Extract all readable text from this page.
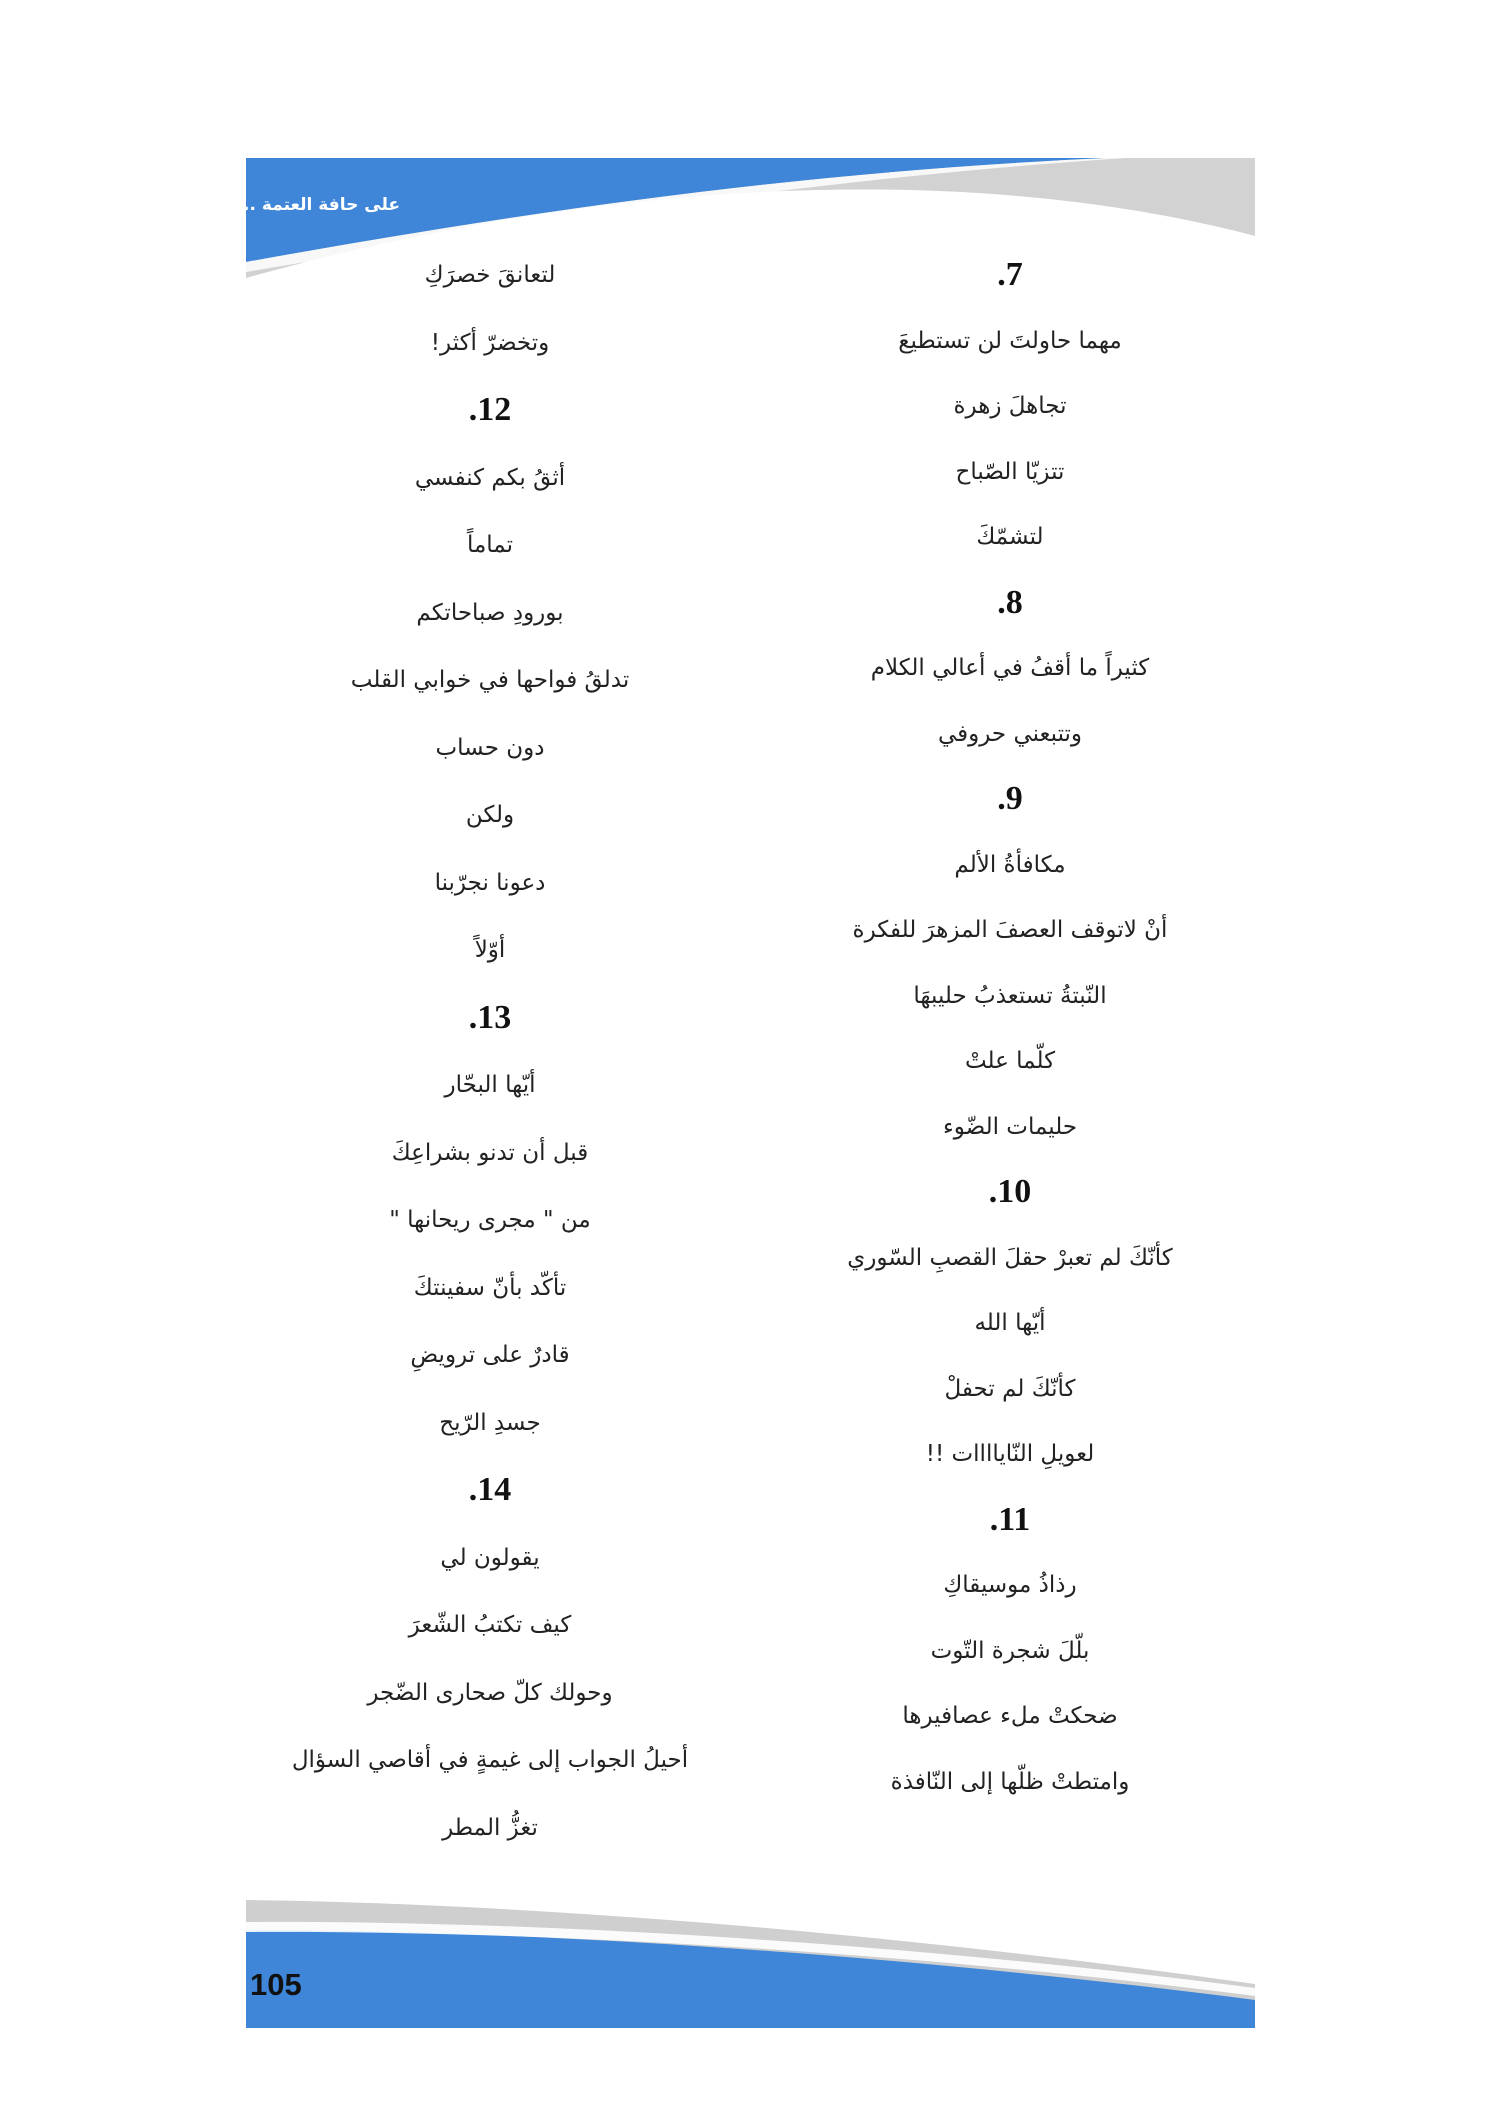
على حافة العتمة ..
.7
مهما حاولتَ لن تستطيعَ
تجاهلَ زهرة
تتزيّا الصّباح
لتشمّكَ
.8
كثيراً ما أقفُ في أعالي الكلام
وتتبعني حروفي
.9
مكافأةُ الألم
أنْ لاتوقف العصفَ المزهرَ للفكرة
النّبتةُ تستعذبُ حليبهَا
كلّما علتْ
حليمات الضّوء
.10
كأنّكَ لم تعبرْ حقلَ القصبِ السّوري
أيّها الله
كأنّكَ لم تحفلْ
لعويلِ النّاياااات !!
.11
رذاذُ موسيقاكِ
بلّلَ شجرة التّوت
ضحكتْ ملء عصافيرها
وامتطتْ ظلّها إلى النّافذة
لتعانقَ خصرَكِ
وتخضرّ أكثر!
.12
أثقُ بكم كنفسي
تماماً
بورودِ صباحاتكم
تدلقُ فواحها في خوابي القلب
دون حساب
ولكن
دعونا نجرّبنا
أوّلاً
.13
أيّها البحّار
قبل أن تدنو بشراعِكَ
من " مجرى ريحانها "
تأكّد بأنّ سفينتكَ
قادرٌ على ترويضِ
جسدِ الرّيح
.14
يقولون لي
كيف تكتبُ الشّعرَ
وحولك كلّ صحارى الضّجر
أحيلُ الجواب إلى غيمةٍ في أقاصي السؤال
تغزُّ المطر
105
